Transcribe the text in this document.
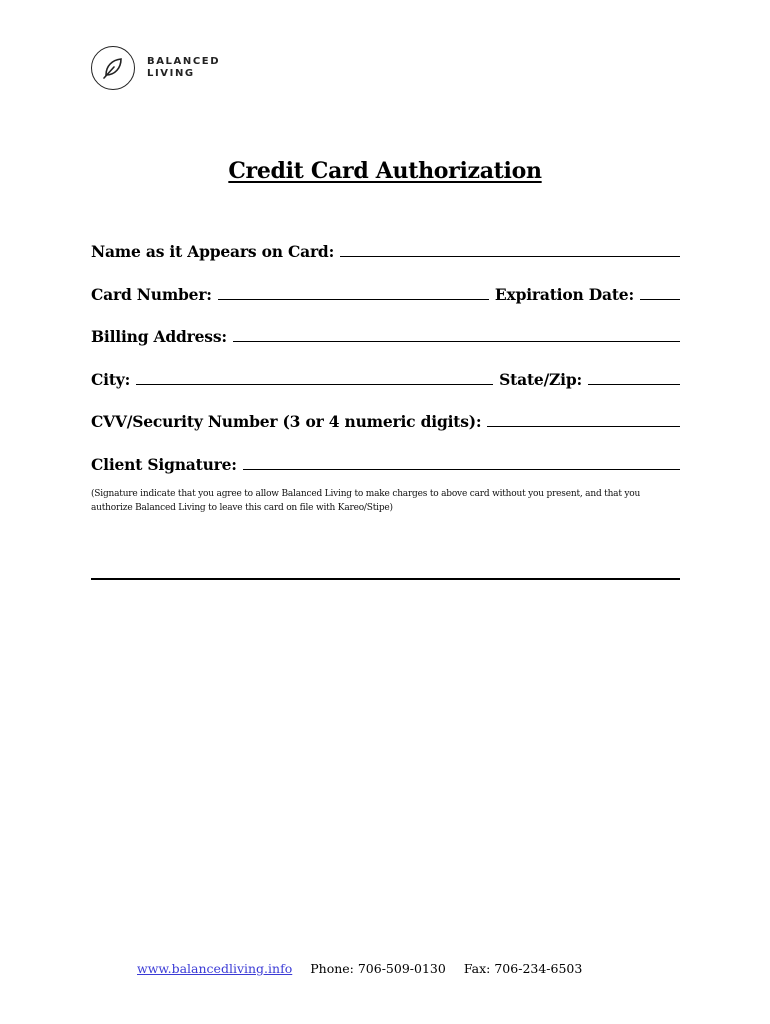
BALANCED
LIVING
Credit Card Authorization
Name as it Appears on Card:
Card Number:	Expiration Date:
Billing Address:
City:	State/Zip:
CVV/Security Number (3 or 4 numeric digits):
Client Signature:
(Signature indicate that you agree to allow Balanced Living to make charges to above card without you present, and that you authorize Balanced Living to leave this card on file with Kareo/Stipe)
www.balancedliving.info Phone: 706-509-0130 Fax: 706-234-6503
